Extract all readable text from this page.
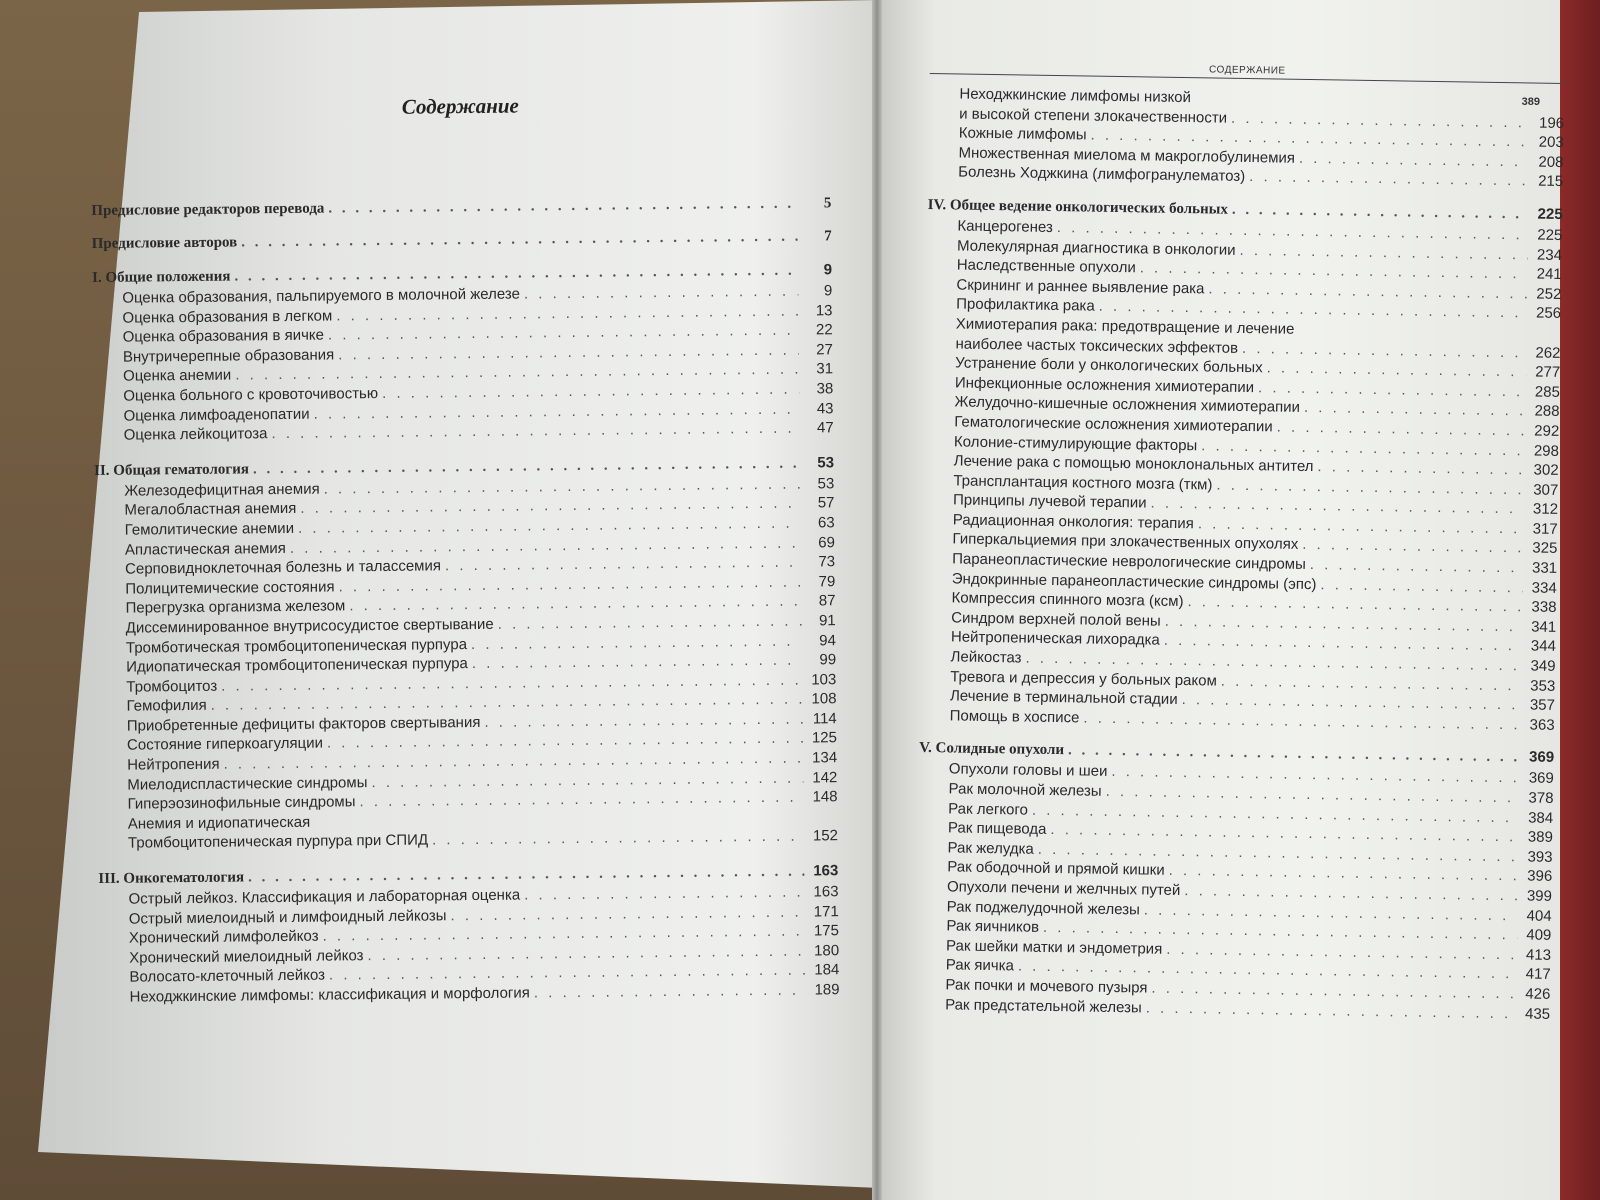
Содержание
Предисловие редакторов перевода . . .	5
Предисловие авторов . . .	7
I. Общие положения . . .	9
Оценка образования, пальпируемого в молочной железе . . .	9
Оценка образования в легком . . .	13
Оценка образования в яичке . . .	22
Внутричерепные образования . . .	27
Оценка анемии . . .	31
Оценка больного с кровоточивостью . . .	38
Оценка лимфоаденопатии . . .	43
Оценка лейкоцитоза . . .	47
II. Общая гематология . . .	53
Железодефицитная анемия . . .	53
Мегалобластная анемия . . .	57
Гемолитические анемии . . .	63
Апластическая анемия . . .	69
Серповидноклеточная болезнь и талассемия . . .	73
Полицитемические состояния . . .	79
Перегрузка организма железом . . .	87
Диссеминированное внутрисосудистое свертывание . . .	91
Тромботическая тромбоцитопеническая пурпура . . .	94
Идиопатическая тромбоцитопеническая пурпура . . .	99
Тромбоцитоз . . .	103
Гемофилия . . .	108
Приобретенные дефициты факторов свертывания . . .	114
Состояние гиперкоагуляции . . .	125
Нейтропения . . .	134
Миелодиспластические синдромы . . .	142
Гиперэозинофильные синдромы . . .	148
Анемия и идиопатическая
Тромбоцитопеническая пурпура при СПИД . . .	152
III. Онкогематология . . .	163
Острый лейкоз. Классификация и лабораторная оценка . . .	163
Острый миелоидный и лимфоидный лейкозы . . .	171
Хронический лимфолейкоз . . .	175
Хронический миелоидный лейкоз . . .	180
Волосато-клеточный лейкоз . . .	184
Неходжкинские лимфомы: классификация и морфология . . .	189
СОДЕРЖАНИЕ
Неходжкинские лимфомы низкой
и высокой степени злокачественности . . .	196
Кожные лимфомы . . .	203
Множественная миелома м макроглобулинемия . . .	208
Болезнь Ходжкина (лимфогранулематоз) . . .	215
IV. Общее ведение онкологических больных . . .	225
Канцерогенез . . .	225
Молекулярная диагностика в онкологии . . .	234
Наследственные опухоли . . .	241
Скрининг и раннее выявление рака . . .	252
Профилактика рака . . .	256
Химиотерапия рака: предотвращение и лечение
наиболее частых токсических эффектов . . .	262
Устранение боли у онкологических больных . . .	277
Инфекционные осложнения химиотерапии . . .	285
Желудочно-кишечные осложнения химиотерапии . . .	288
Гематологические осложнения химиотерапии . . .	292
Колоние-стимулирующие факторы . . .	298
Лечение рака с помощью моноклональных антител . . .	302
Трансплантация костного мозга (ткм) . . .	307
Принципы лучевой терапии . . .	312
Радиационная онкология: терапия . . .	317
Гиперкальциемия при злокачественных опухолях . . .	325
Паранеопластические неврологические синдромы . . .	331
Эндокринные паранеопластические синдромы (эпс) . . .	334
Компрессия спинного мозга (ксм) . . .	338
Синдром верхней полой вены . . .	341
Нейтропеническая лихорадка . . .	344
Лейкостаз . . .	349
Тревога и депрессия у больных раком . . .	353
Лечение в терминальной стадии . . .	357
Помощь в хосписе . . .	363
V. Солидные опухоли . . .	369
Опухоли головы и шеи . . .	369
Рак молочной железы . . .	378
Рак легкого . . .	384
Рак пищевода . . .	389
Рак желудка . . .	393
Рак ободочной и прямой кишки . . .	396
Опухоли печени и желчных путей . . .	399
Рак поджелудочной железы . . .	404
Рак яичников . . .	409
Рак шейки матки и эндометрия . . .	413
Рак яичка . . .	417
Рак почки и мочевого пузыря . . .	426
Рак предстательной железы . . .	435
389
